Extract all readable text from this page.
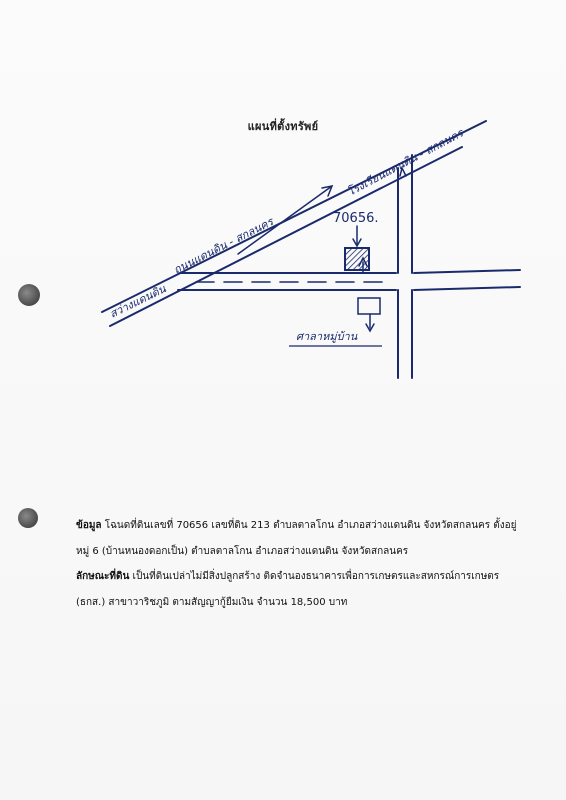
แผนที่ตั้งทรัพย์
สว่างแดนดิน
ถนนแดนดิน - สกลนคร
โรงเรียนแดนดิน - สกลนคร
70656.
ศาลาหมู่บ้าน
ข้อมูล โฉนดที่ดินเลขที่ 70656 เลขที่ดิน 213 ตำบลตาลโกน อำเภอสว่างแดนดิน จังหวัดสกลนคร ตั้งอยู่
หมู่ 6 (บ้านหนองดอกเป็น) ตำบลตาลโกน อำเภอสว่างแดนดิน จังหวัดสกลนคร
ลักษณะที่ดิน เป็นที่ดินเปล่าไม่มีสิ่งปลูกสร้าง ติดจำนองธนาคารเพื่อการเกษตรและสหกรณ์การเกษตร
(ธกส.) สาขาวาริชภูมิ ตามสัญญากู้ยืมเงิน จำนวน 18,500 บาท
